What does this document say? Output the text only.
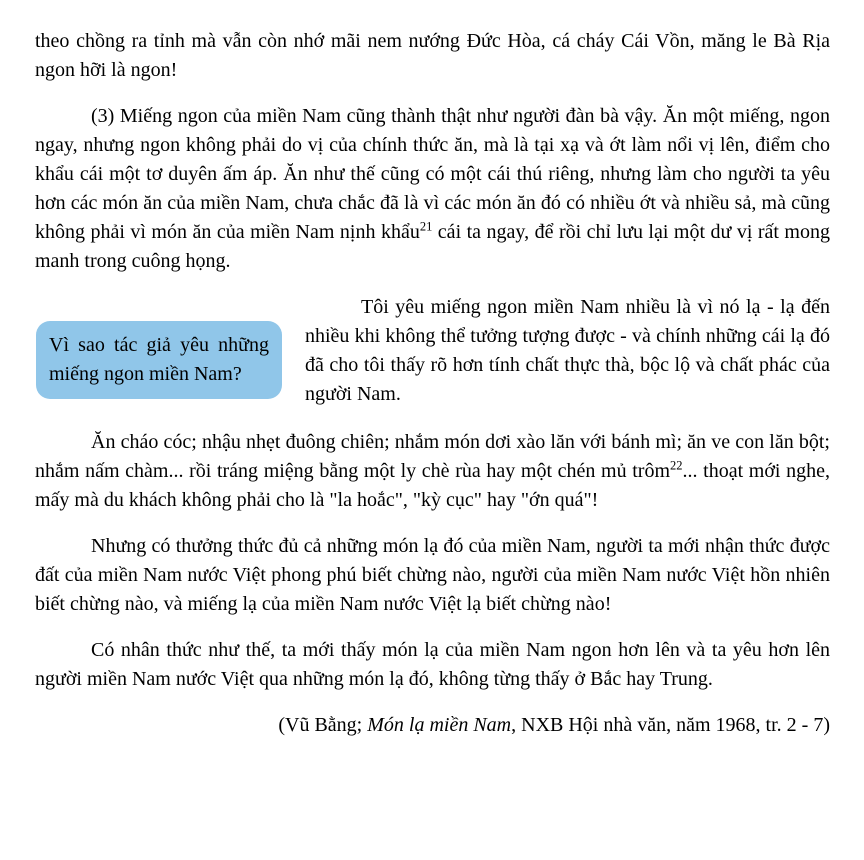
theo chồng ra tỉnh mà vẫn còn nhớ mãi nem nướng Đức Hòa, cá cháy Cái Vồn, măng le Bà Rịa ngon hỡi là ngon!

(3) Miếng ngon của miền Nam cũng thành thật như người đàn bà vậy. Ăn một miếng, ngon ngay, nhưng ngon không phải do vị của chính thức ăn, mà là tại xạ và ớt làm nổi vị lên, điểm cho khẩu cái một tơ duyên ấm áp. Ăn như thế cũng có một cái thú riêng, nhưng làm cho người ta yêu hơn các món ăn của miền Nam, chưa chắc đã là vì các món ăn đó có nhiều ớt và nhiều sả, mà cũng không phải vì món ăn của miền Nam nịnh khẩu$^{21}$ cái ta ngay, để rồi chỉ lưu lại một dư vị rất mong manh trong cuông họng.

Vì sao tác giả yêu những
miếng ngon miền Nam?

Tôi yêu miếng ngon miền Nam nhiều là vì nó lạ - lạ đến nhiều khi không thể tưởng tượng được - và chính những cái lạ đó đã cho tôi thấy rõ hơn tính chất thực thà, bộc lộ và chất phác của người Nam.

Ăn cháo cóc; nhậu nhẹt đuông chiên; nhắm món dơi xào lăn với bánh mì; ăn ve con lăn bột; nhắm nấm chàm... rồi tráng miệng bằng một ly chè rùa hay một chén mủ trôm$^{22}$... thoạt mới nghe, mấy mà du khách không phải cho là "la hoắc", "kỳ cục" hay "ớn quá"!

Nhưng có thưởng thức đủ cả những món lạ đó của miền Nam, người ta mới nhận thức được đất của miền Nam nước Việt phong phú biết chừng nào, người của miền Nam nước Việt hồn nhiên biết chừng nào, và miếng lạ của miền Nam nước Việt lạ biết chừng nào!

Có nhân thức như thế, ta mới thấy món lạ của miền Nam ngon hơn lên và ta yêu hơn lên người miền Nam nước Việt qua những món lạ đó, không từng thấy ở Bắc hay Trung.

(Vũ Bằng; Món lạ miền Nam, NXB Hội nhà văn, năm 1968, tr. 2 - 7)
